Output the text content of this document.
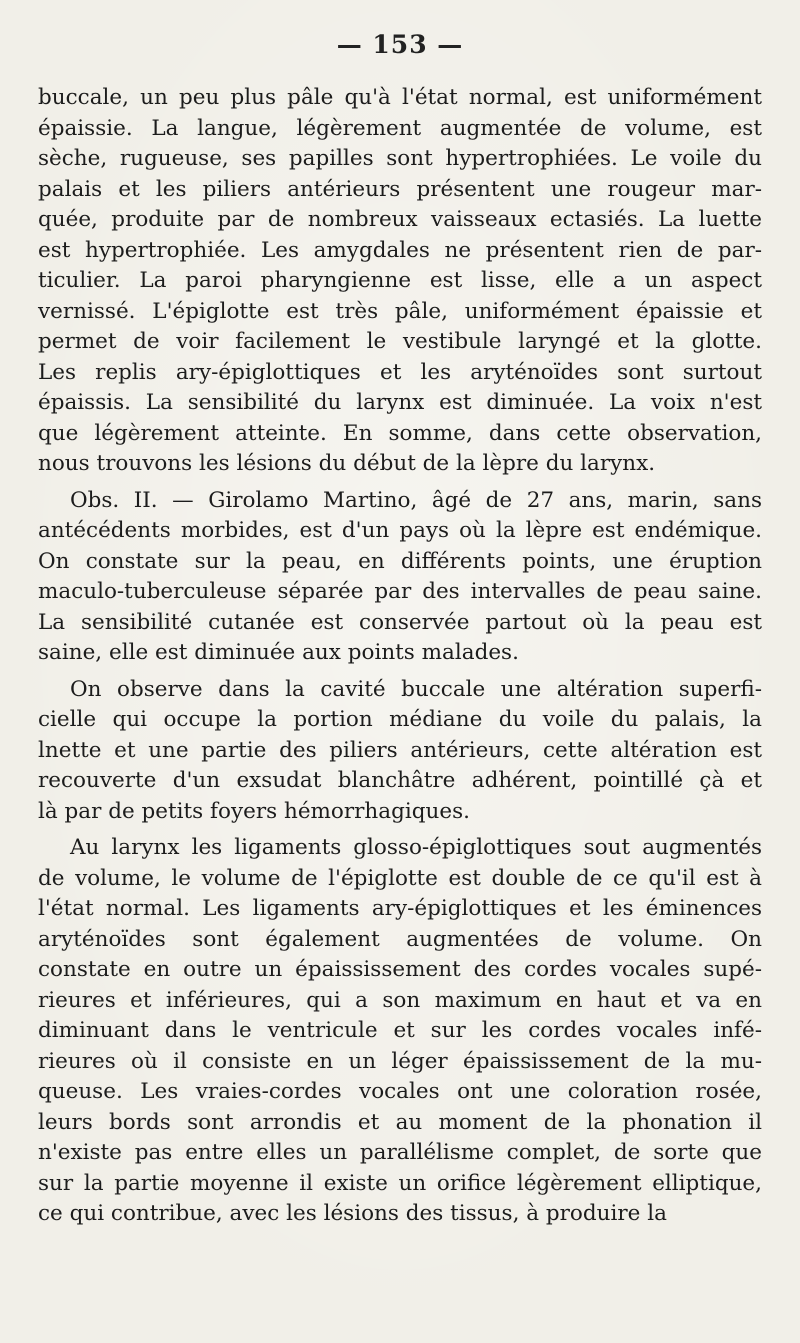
— 153 —

buccale, un peu plus pâle qu'à l'état normal, est uniformément
épaissie. La langue, légèrement augmentée de volume, est
sèche, rugueuse, ses papilles sont hypertrophiées. Le voile du
palais et les piliers antérieurs présentent une rougeur mar-
quée, produite par de nombreux vaisseaux ectasiés. La luette
est hypertrophiée. Les amygdales ne présentent rien de par-
ticulier. La paroi pharyngienne est lisse, elle a un aspect
vernissé. L'épiglotte est très pâle, uniformément épaissie et
permet de voir facilement le vestibule laryngé et la glotte.
Les replis ary-épiglottiques et les aryténoïdes sont surtout
épaissis. La sensibilité du larynx est diminuée. La voix n'est
que légèrement atteinte. En somme, dans cette observation,
nous trouvons les lésions du début de la lèpre du larynx.

Obs. II. — Girolamo Martino, âgé de 27 ans, marin, sans
antécédents morbides, est d'un pays où la lèpre est endémique.
On constate sur la peau, en différents points, une éruption
maculo-tuberculeuse séparée par des intervalles de peau saine.
La sensibilité cutanée est conservée partout où la peau est
saine, elle est diminuée aux points malades.

On observe dans la cavité buccale une altération superfi-
cielle qui occupe la portion médiane du voile du palais, la
lnette et une partie des piliers antérieurs, cette altération est
recouverte d'un exsudat blanchâtre adhérent, pointillé çà et
là par de petits foyers hémorrhagiques.

Au larynx les ligaments glosso-épiglottiques sout augmentés
de volume, le volume de l'épiglotte est double de ce qu'il est à
l'état normal. Les ligaments ary-épiglottiques et les éminences
aryténoïdes sont également augmentées de volume. On
constate en outre un épaississement des cordes vocales supé-
rieures et inférieures, qui a son maximum en haut et va en
diminuant dans le ventricule et sur les cordes vocales infé-
rieures où il consiste en un léger épaississement de la mu-
queuse. Les vraies-cordes vocales ont une coloration rosée,
leurs bords sont arrondis et au moment de la phonation il
n'existe pas entre elles un parallélisme complet, de sorte que
sur la partie moyenne il existe un orifice légèrement elliptique,
ce qui contribue, avec les lésions des tissus, à produire la
